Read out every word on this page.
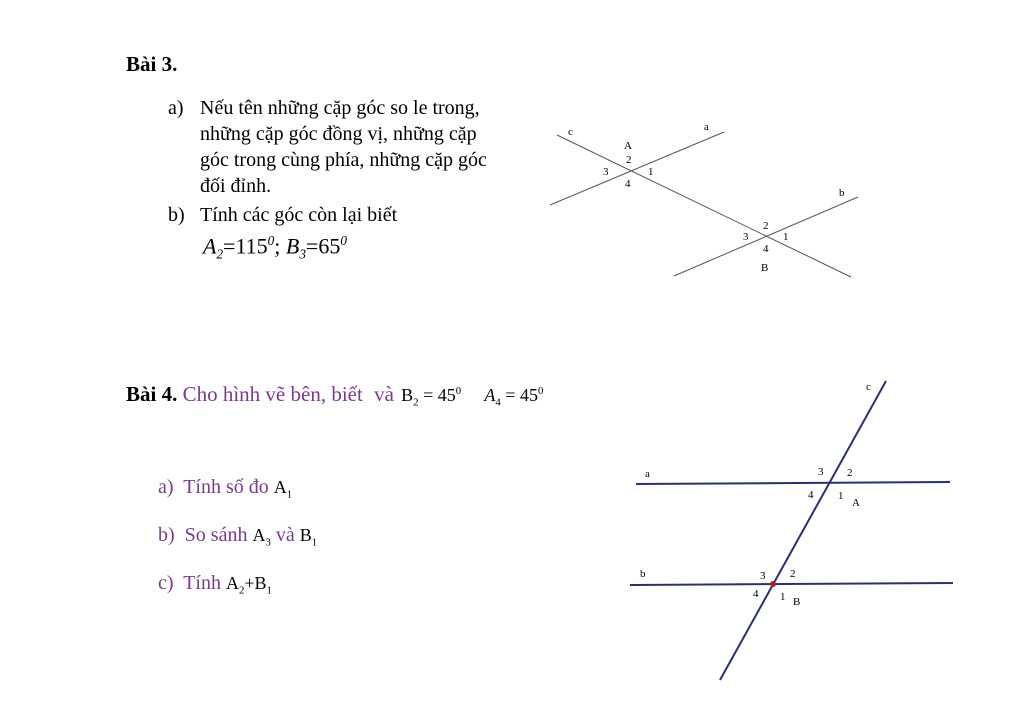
Bài 3.
a) Nếu tên những cặp góc so le trong,
những cặp góc đồng vị, những cặp
góc trong cùng phía, những cặp góc
đối đỉnh.
b) Tính các góc còn lại biết
$A_2=115^0$; $B_3=65^0$
c	a
b
A
2
3	1
4
2
3	1
4
B
Bài 4. Cho hình vẽ bên, biết và $B_2 = 45^0$ $A_4 = 45^0$
a) Tính số đo $A_1$
b) So sánh $A_3$ và $B_1$
c) Tính $A_2+B_1$
c
a
b
3 2
4 1
A
3 2
4 1 B
